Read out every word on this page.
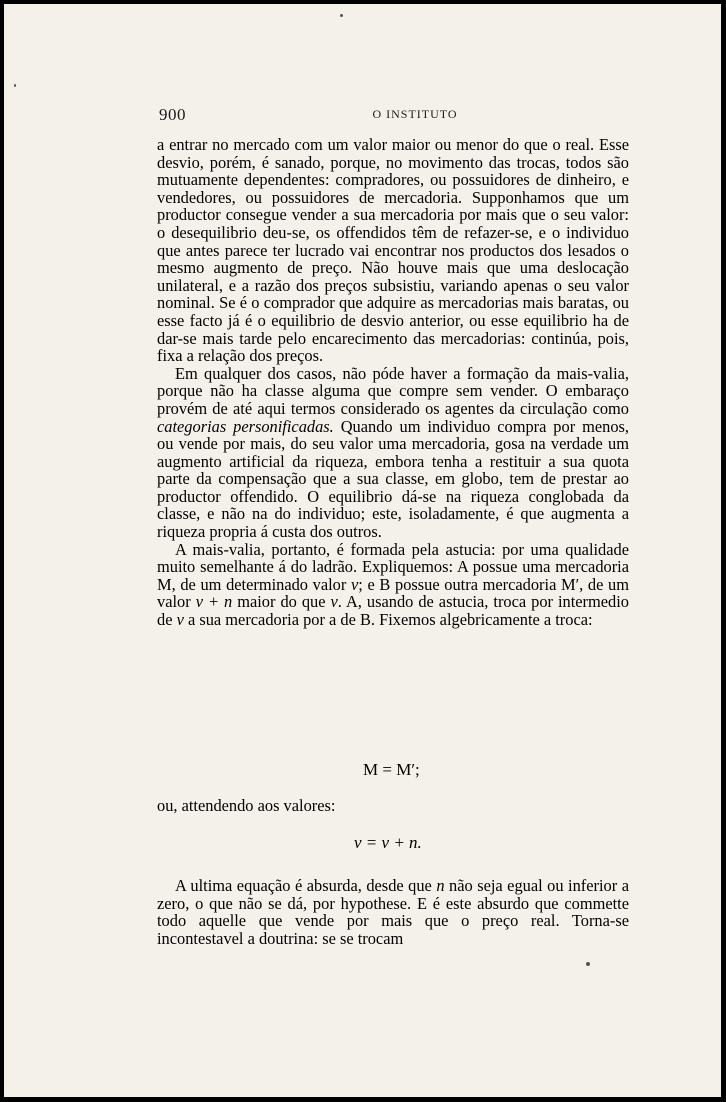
900	O INSTITUTO

a entrar no mercado com um valor maior ou menor do que o real. Esse desvio, porém, é sanado, porque, no movimento das trocas, todos são mutuamente dependentes: compradores, ou possuidores de dinheiro, e vendedores, ou possuidores de mercadoria. Supponhamos que um productor consegue vender a sua mercadoria por mais que o seu valor: o desequilibrio deu-se, os offendidos têm de refazer-se, e o individuo que antes parece ter lucrado vai encontrar nos productos dos lesados o mesmo augmento de preço. Não houve mais que uma deslocação unilateral, e a razão dos preços subsistiu, variando apenas o seu valor nominal. Se é o comprador que adquire as mercadorias mais baratas, ou esse facto já é o equilibrio de desvio anterior, ou esse equilibrio ha de dar-se mais tarde pelo encarecimento das mercadorias: continúa, pois, fixa a relação dos preços.

Em qualquer dos casos, não póde haver a formação da mais-valia, porque não ha classe alguma que compre sem vender. O embaraço provém de até aqui termos considerado os agentes da circulação como categorias personificadas. Quando um individuo compra por menos, ou vende por mais, do seu valor uma mercadoria, gosa na verdade um augmento artificial da riqueza, embora tenha a restituir a sua quota parte da compensação que a sua classe, em globo, tem de prestar ao productor offendido. O equilibrio dá-se na riqueza conglobada da classe, e não na do individuo; este, isoladamente, é que augmenta a riqueza propria á custa dos outros.

A mais-valia, portanto, é formada pela astucia: por uma qualidade muito semelhante á do ladrão. Expliquemos: A possue uma mercadoria M, de um determinado valor v; e B possue outra mercadoria M′, de um valor v + n maior do que v. A, usando de astucia, troca por intermedio de v a sua mercadoria por a de B. Fixemos algebricamente a troca:

M = M′;
ou, attendendo aos valores:
v = v + n.

A ultima equação é absurda, desde que n não seja egual ou inferior a zero, o que não se dá, por hypothese. E é este absurdo que commette todo aquelle que vende por mais que o preço real. Torna-se incontestavel a doutrina: se se trocam
